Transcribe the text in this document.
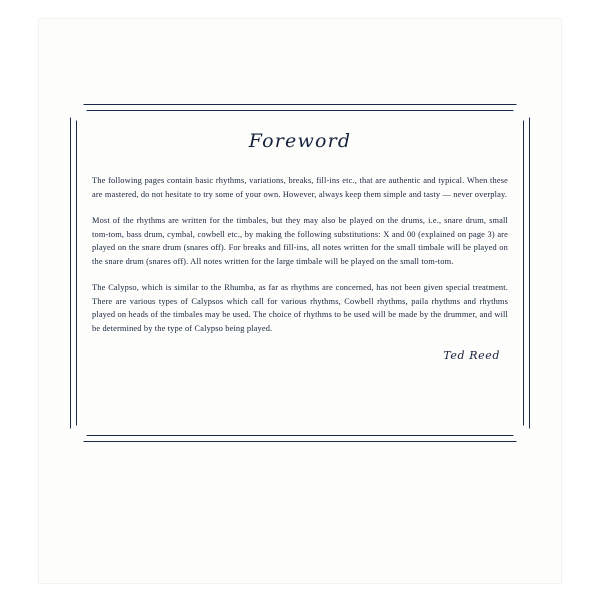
Foreword

The following pages contain basic rhythms, variations, breaks, fill-ins etc., that are authentic and typical. When these are mastered, do not hesitate to try some of your own. However, always keep them simple and tasty — never overplay.

Most of the rhythms are written for the timbales, but they may also be played on the drums, i.e., snare drum, small tom-tom, bass drum, cymbal, cowbell etc., by making the following substitutions: X and 00 (explained on page 3) are played on the snare drum (snares off). For breaks and fill-ins, all notes written for the small timbale will be played on the snare drum (snares off). All notes written for the large timbale will be played on the small tom-tom.

The Calypso, which is similar to the Rhumba, as far as rhythms are concerned, has not been given special treatment. There are various types of Calypsos which call for various rhythms, Cowbell rhythms, paila rhythms and rhythms played on heads of the timbales may be used. The choice of rhythms to be used will be made by the drummer, and will be determined by the type of Calypso being played.

Ted Reed
